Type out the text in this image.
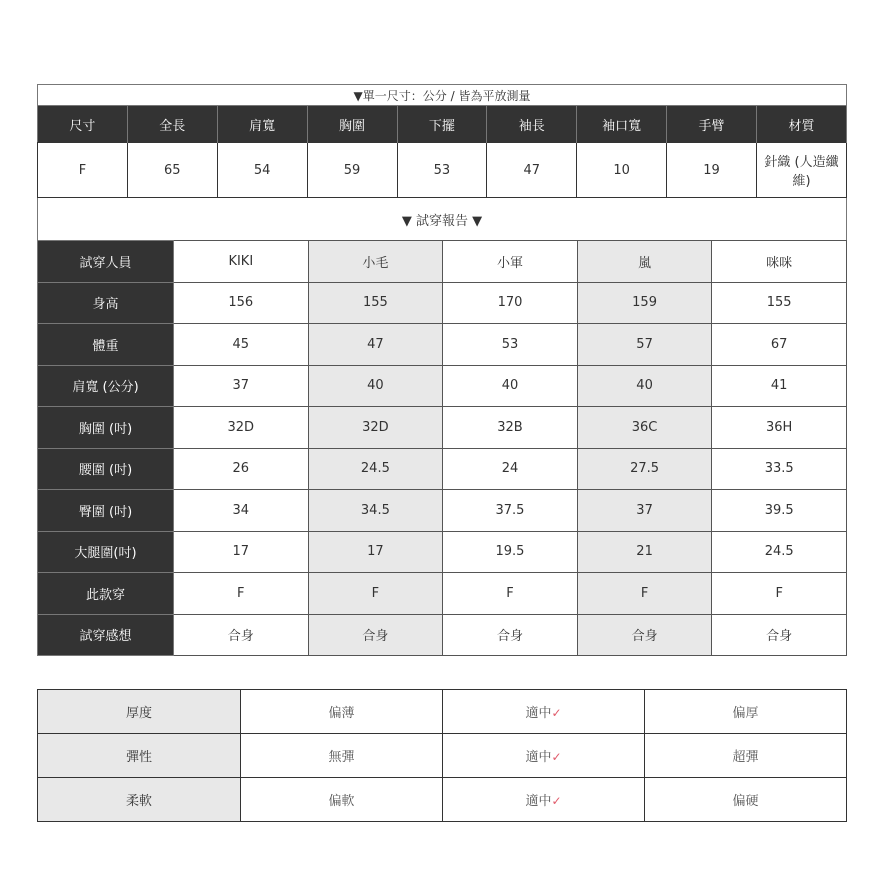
▼單一尺寸：公分 / 皆為平放測量								
尺寸	全長	肩寬	胸圍	下擺	袖長	袖口寬	手臂	材質
F	65	54	59	53	47	10	19	針織 (人造纖維)
▼ 試穿報告 ▼								
試穿人員	KIKI	小毛	小軍	嵐	咪咪
身高	156	155	170	159	155
體重	45	47	53	57	67
肩寬 (公分)	37	40	40	40	41
胸圍 (吋)	32D	32D	32B	36C	36H
腰圍 (吋)	26	24.5	24	27.5	33.5
臀圍 (吋)	34	34.5	37.5	37	39.5
大腿圍(吋)	17	17	19.5	21	24.5
此款穿	F	F	F	F	F
試穿感想	合身	合身	合身	合身	合身
厚度	偏薄	適中✓	偏厚
彈性	無彈	適中✓	超彈
柔軟	偏軟	適中✓	偏硬
